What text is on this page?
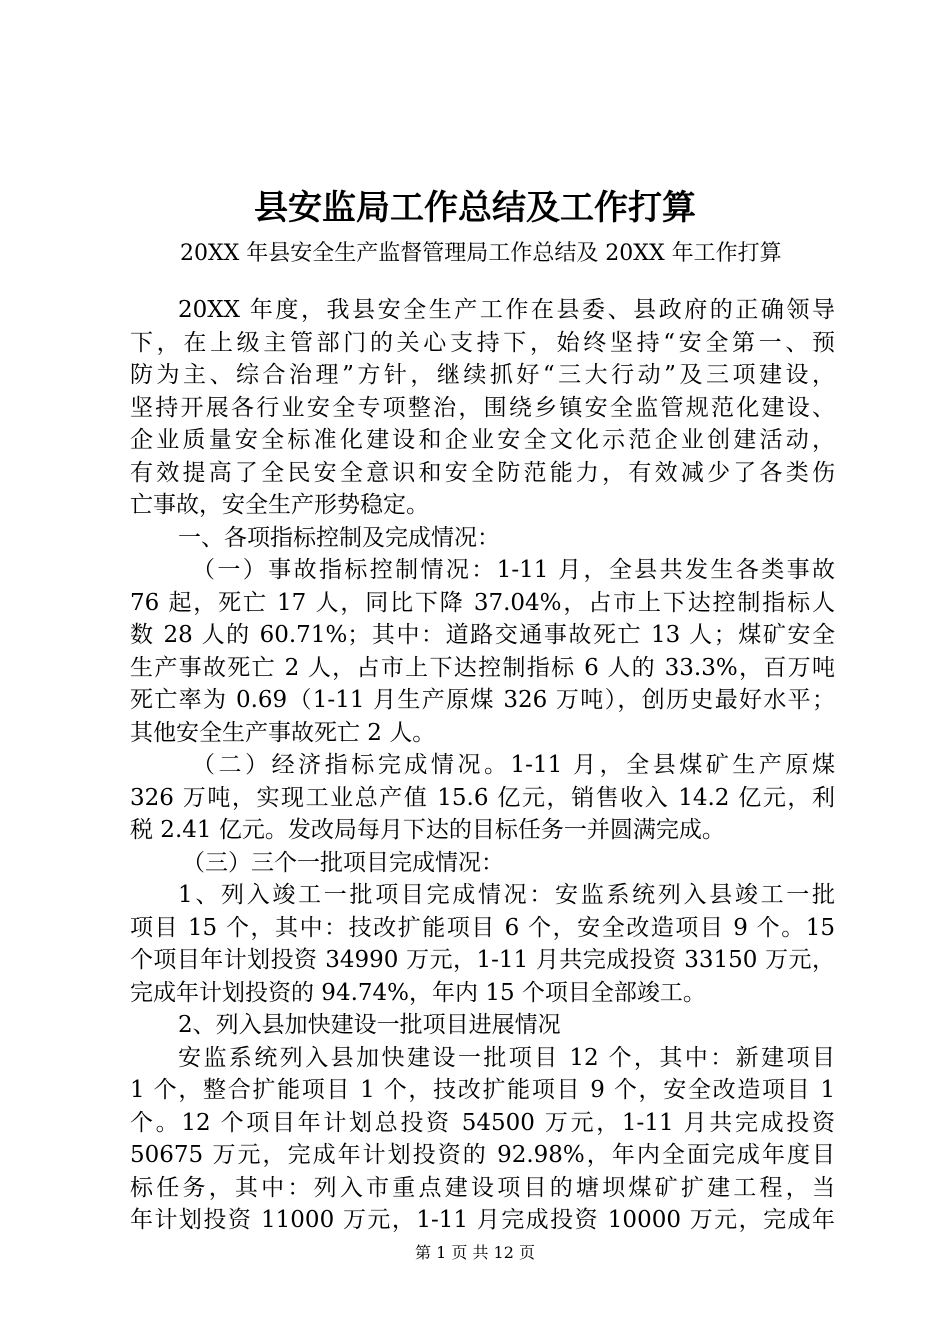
县安监局工作总结及工作打算
20XX 年县安全生产监督管理局工作总结及 20XX 年工作打算
20XX 年度，我县安全生产工作在县委、县政府的正确领导
下，在上级主管部门的关心支持下，始终坚持“安全第一、预
防为主、综合治理”方针，继续抓好“三大行动”及三项建设，
坚持开展各行业安全专项整治，围绕乡镇安全监管规范化建设、
企业质量安全标准化建设和企业安全文化示范企业创建活动，
有效提高了全民安全意识和安全防范能力，有效减少了各类伤
亡事故，安全生产形势稳定。
一、各项指标控制及完成情况：
（一）事故指标控制情况：1-11 月，全县共发生各类事故
76 起，死亡 17 人，同比下降 37.04%，占市上下达控制指标人
数 28 人的 60.71%；其中：道路交通事故死亡 13 人；煤矿安全
生产事故死亡 2 人，占市上下达控制指标 6 人的 33.3%，百万吨
死亡率为 0.69（1-11 月生产原煤 326 万吨），创历史最好水平；
其他安全生产事故死亡 2 人。
（二）经济指标完成情况。1-11 月，全县煤矿生产原煤
326 万吨，实现工业总产值 15.6 亿元，销售收入 14.2 亿元，利
税 2.41 亿元。发改局每月下达的目标任务一并圆满完成。
（三）三个一批项目完成情况：
1、列入竣工一批项目完成情况：安监系统列入县竣工一批
项目 15 个，其中：技改扩能项目 6 个，安全改造项目 9 个。15
个项目年计划投资 34990 万元，1-11 月共完成投资 33150 万元，
完成年计划投资的 94.74%，年内 15 个项目全部竣工。
2、列入县加快建设一批项目进展情况
安监系统列入县加快建设一批项目 12 个，其中：新建项目
1 个，整合扩能项目 1 个，技改扩能项目 9 个，安全改造项目 1
个。12 个项目年计划总投资 54500 万元，1-11 月共完成投资
50675 万元，完成年计划投资的 92.98%，年内全面完成年度目
标任务，其中：列入市重点建设项目的塘坝煤矿扩建工程，当
年计划投资 11000 万元，1-11 月完成投资 10000 万元，完成年
第 1 页 共 12 页
